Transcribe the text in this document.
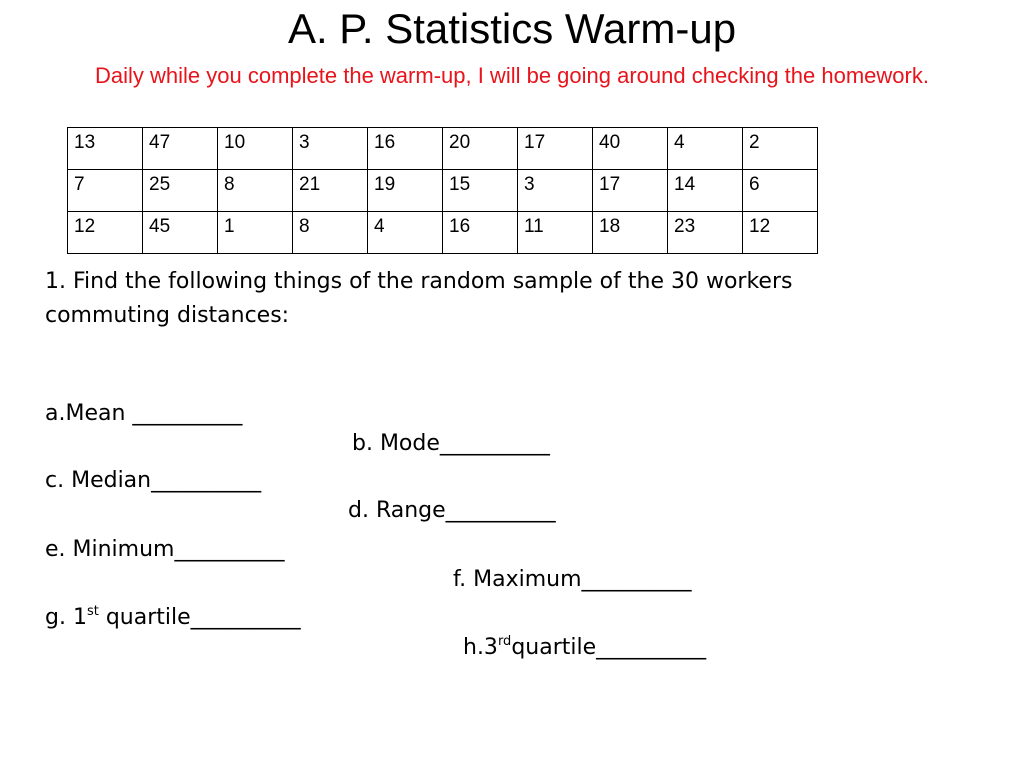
A. P. Statistics Warm-up
Daily while you complete the warm-up, I will be going around checking the homework.
13	47	10	3	16	20	17	40	4	2
7	25	8	21	19	15	3	17	14	6
12	45	1	8	4	16	11	18	23	12
1. Find the following things of the random sample of the 30 workers commuting distances:

a.Mean __________

b. Mode__________

c. Median__________

d. Range__________

e. Minimum__________

f. Maximum__________

g. 1st quartile__________

h.3rdquartile__________
